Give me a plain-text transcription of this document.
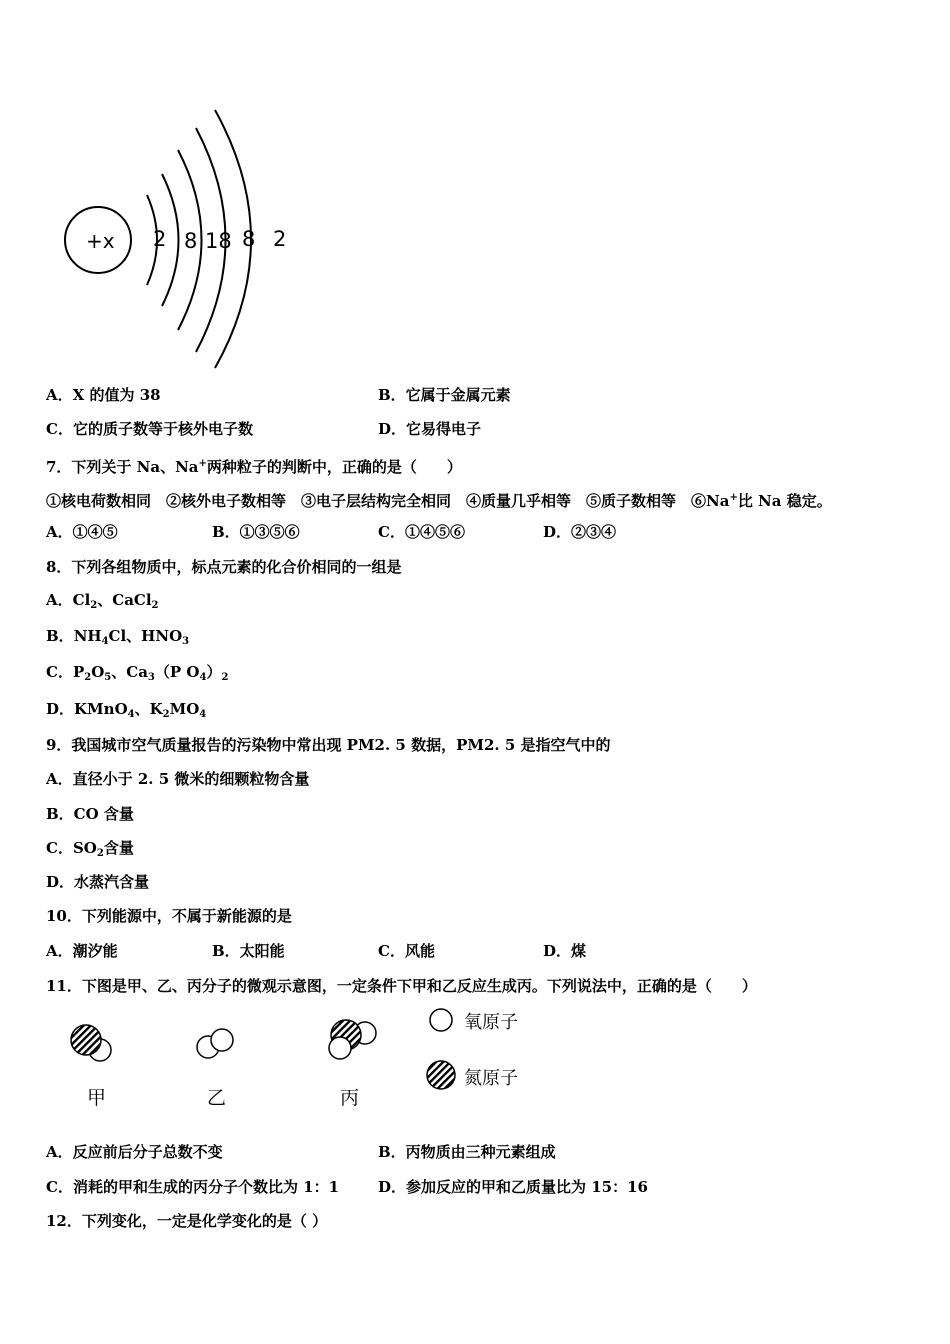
+x 2 8 18 8 2
A．X 的值为 38	B．它属于金属元素
C．它的质子数等于核外电子数	D．它易得电子
7．下列关于 Na、Na+两种粒子的判断中，正确的是（　　）
①核电荷数相同　②核外电子数相等　③电子层结构完全相同　④质量几乎相等　⑤质子数相等　⑥Na+比 Na 稳定。
A．①④⑤	B．①③⑤⑥	C．①④⑤⑥	D．②③④
8．下列各组物质中，标点元素的化合价相同的一组是
A．$Cl_2$、CaCl$_2$
B．$NH_4Cl$、$HNO_3$
C．$P_2O_5$、$Ca_3(P$ $O_4)_2$
D．KMnO$_4$、$K_2MO_4$
9．我国城市空气质量报告的污染物中常出现 PM2. 5 数据，PM2. 5 是指空气中的
A．直径小于 2. 5 微米的细颗粒物含量
B．CO 含量
C．$SO_2$含量
D．水蒸汽含量
10．下列能源中，不属于新能源的是
A．潮汐能	B．太阳能	C．风能	D．煤
11．下图是甲、乙、丙分子的微观示意图，一定条件下甲和乙反应生成丙。下列说法中，正确的是（　　）
甲	乙	丙
氧原子
氮原子
A．反应前后分子总数不变	B．丙物质由三种元素组成
C．消耗的甲和生成的丙分子个数比为 1：1	D．参加反应的甲和乙质量比为 15：16
12．下列变化，一定是化学变化的是（ ）
